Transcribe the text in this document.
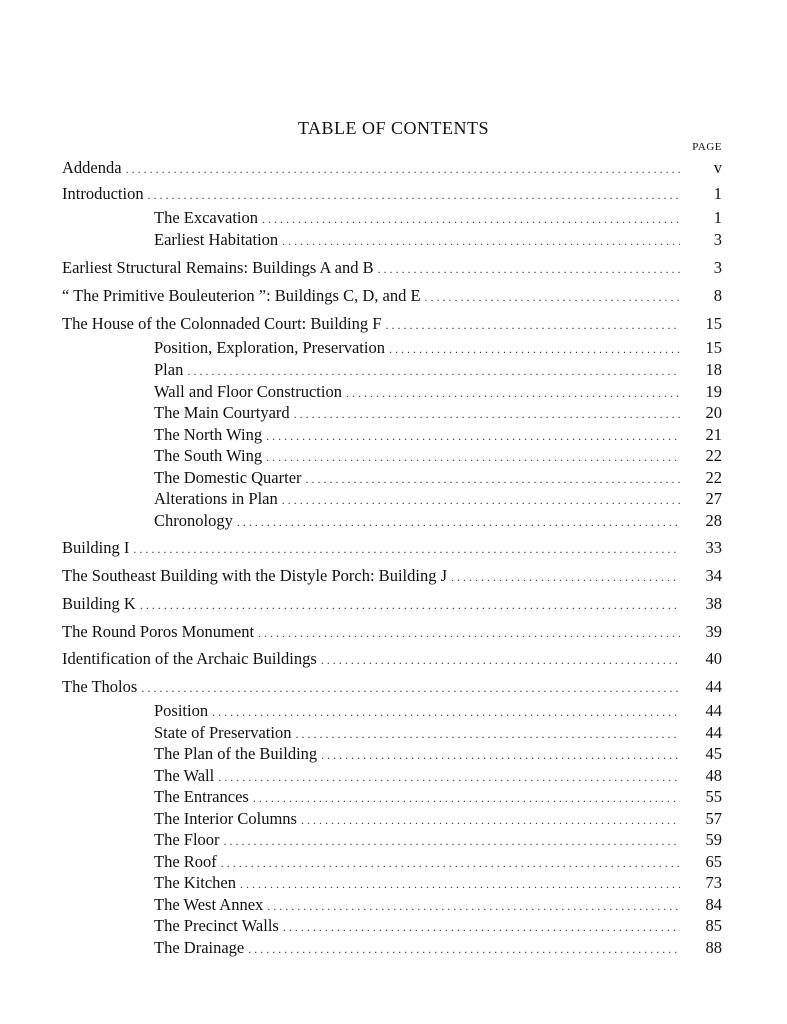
TABLE OF CONTENTS
PAGE
Addenda . . .	v
Introduction . . .	1
The Excavation . . .	1
Earliest Habitation . . .	3
Earliest Structural Remains: Buildings A and B . . .	3
“ The Primitive Bouleuterion ”: Buildings C, D, and E . . .	8
The House of the Colonnaded Court: Building F . . .	15
Position, Exploration, Preservation . . .	15
Plan . . .	18
Wall and Floor Construction . . .	19
The Main Courtyard . . .	20
The North Wing . . .	21
The South Wing . . .	22
The Domestic Quarter . . .	22
Alterations in Plan . . .	27
Chronology . . .	28
Building I . . .	33
The Southeast Building with the Distyle Porch: Building J . . .	34
Building K . . .	38
The Round Poros Monument . . .	39
Identification of the Archaic Buildings . . .	40
The Tholos . . .	44
Position . . .	44
State of Preservation . . .	44
The Plan of the Building . . .	45
The Wall . . .	48
The Entrances . . .	55
The Interior Columns . . .	57
The Floor . . .	59
The Roof . . .	65
The Kitchen . . .	73
The West Annex . . .	84
The Precinct Walls . . .	85
The Drainage . . .	88
